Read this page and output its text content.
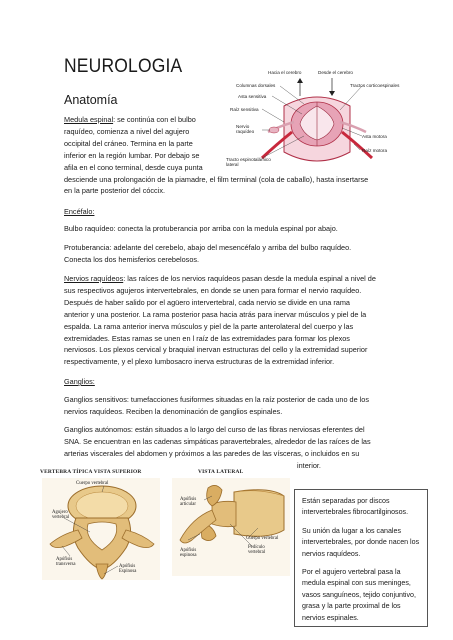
NEUROLOGIA
Anatomía
Hacia el cerebro	Desde el cerebro
Columnas dorsales	Tractos corticoespinales
Asta sensitiva
Raíz sensitiva
Nervio raquídeo
Asta motora
Raíz motora
Tracto espinotalámico lateral
Medula espinal: se continúa con el bulbo
raquídeo, comienza a nivel del agujero
occipital del cráneo. Termina en la parte
inferior en la región lumbar. Por debajo se
afila en el cono terminal, desde cuya punta
desciende una prolongación de la piamadre, el film terminal (cola de caballo), hasta insertarse
en la parte posterior del cóccix.
Encéfalo:
Bulbo raquídeo: conecta la protuberancia por arriba con la medula espinal por abajo.
Protuberancia: adelante del cerebelo, abajo del mesencéfalo y arriba del bulbo raquídeo.
Conecta los dos hemisferios cerebelosos.
Nervios raquídeos: las raíces de los nervios raquídeos pasan desde la medula espinal a nivel de
sus respectivos agujeros intervertebrales, en donde se unen para formar el nervio raquídeo.
Después de haber salido por el agüero intervertebral, cada nervio se divide en una rama
anterior y una posterior. La rama posterior pasa hacia atrás para inervar músculos y piel de la
espalda. La rama anterior inerva músculos y piel de la parte anterolateral del cuerpo y las
extremidades. Estas ramas se unen en l raíz de las extremidades para formar los plexos
nerviosos. Los plexos cervical y braquial inervan estructuras del cello y la extremidad superior
respectivamente, y el plexo lumbosacro inerva estructuras de la extremidad inferior.
Ganglios:
Ganglios sensitivos: tumefacciones fusiformes situadas en la raíz posterior de cada uno de los
nervios raquídeos. Reciben la denominación de ganglios espinales.
Ganglios autónomos: están situados a lo largo del curso de las fibras nerviosas eferentes del
SNA. Se encuentran en las cadenas simpáticas paravertebrales, alrededor de las raíces de las
arterias viscerales del abdomen y próximos a las paredes de las vísceras, o incluidos en su
interior.
VERTEBRA TÍPICA VISTA SUPERIOR
Cuerpo vertebral
Agujero vertebral
Apófisis transversa	Apófisis Espinosa
VISTA LATERAL
Apófisis articular
Apófisis espinosa
Cuerpo vertebral
Pedículo vertebral

Están separadas por discos intervertebrales fibrocartilginosos.

Su unión da lugar a los canales intervertebrales, por donde nacen los nervios raquídeos.

Por el agujero vertebral pasa la medula espinal con sus meninges, vasos sanguíneos, tejido conjuntivo, grasa y la parte proximal de los nervios espinales.
